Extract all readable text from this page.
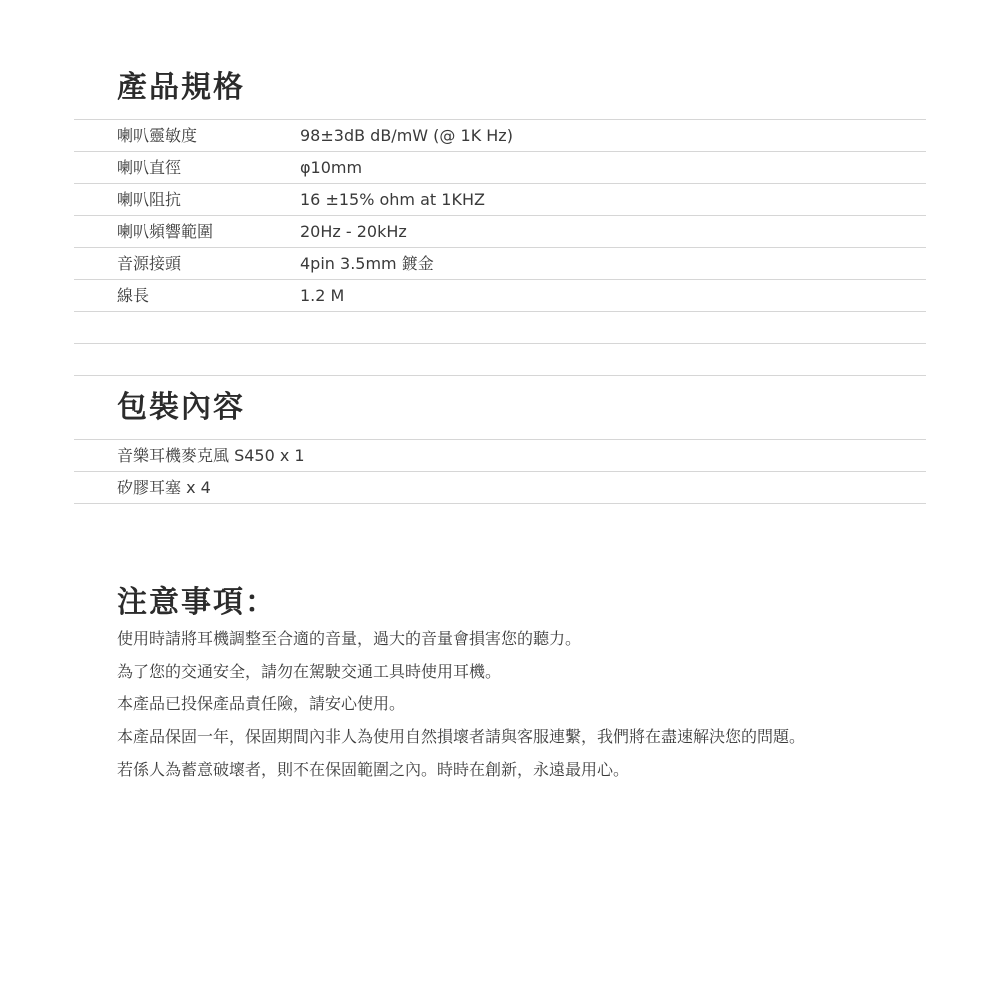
產品規格
喇叭靈敏度	98±3dB dB/mW (@ 1K Hz)
喇叭直徑	φ10mm
喇叭阻抗	16 ±15% ohm at 1KHZ
喇叭頻響範圍	20Hz - 20kHz
音源接頭	4pin 3.5mm 鍍金
線長	1.2 M
包裝內容
音樂耳機麥克風 S450 x 1
矽膠耳塞 x 4
注意事項：
使用時請將耳機調整至合適的音量，過大的音量會損害您的聽力。
為了您的交通安全，請勿在駕駛交通工具時使用耳機。
本產品已投保產品責任險，請安心使用。
本產品保固一年，保固期間內非人為使用自然損壞者請與客服連繫，我們將在盡速解決您的問題。
若係人為蓄意破壞者，則不在保固範圍之內。時時在創新，永遠最用心。
